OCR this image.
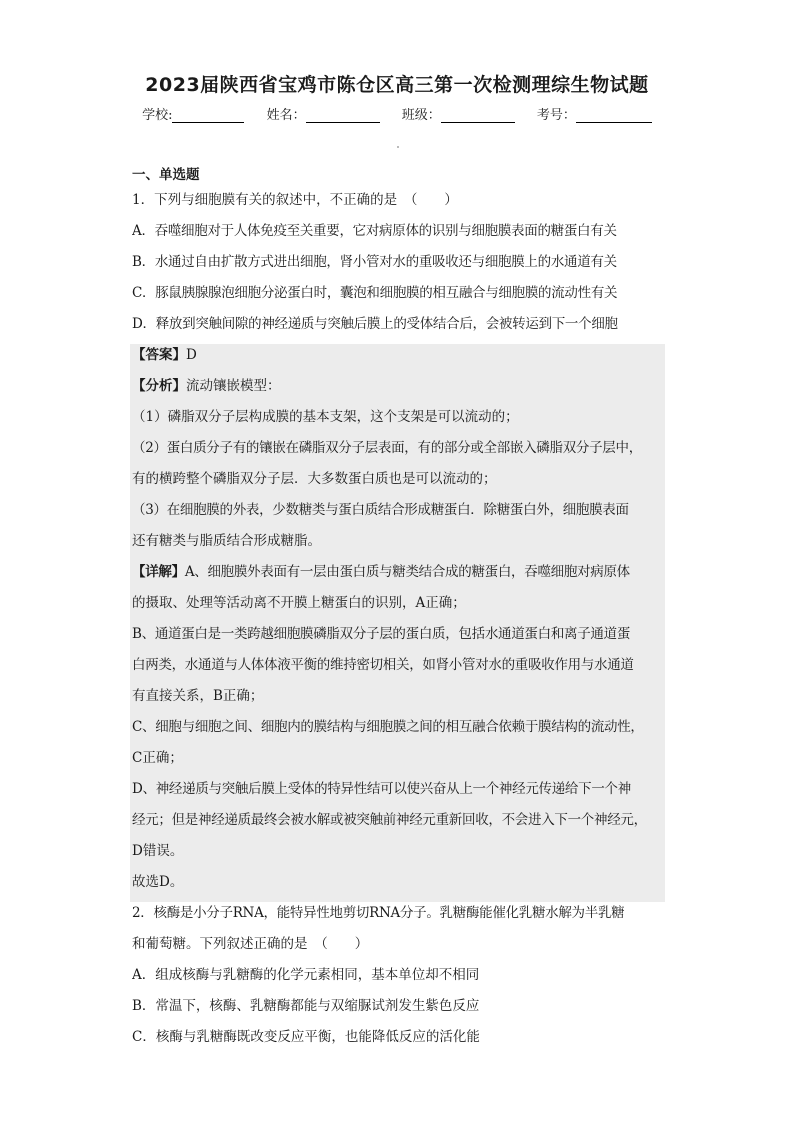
2023届陕西省宝鸡市陈仓区高三第一次检测理综生物试题
学校:	姓名：	班级：	考号：
一、单选题
1．下列与细胞膜有关的叙述中，不正确的是　（　　）
A．吞噬细胞对于人体免疫至关重要，它对病原体的识别与细胞膜表面的糖蛋白有关
B．水通过自由扩散方式进出细胞，肾小管对水的重吸收还与细胞膜上的水通道有关
C．豚鼠胰腺腺泡细胞分泌蛋白时，囊泡和细胞膜的相互融合与细胞膜的流动性有关
D．释放到突触间隙的神经递质与突触后膜上的受体结合后，会被转运到下一个细胞
【答案】D
【分析】流动镶嵌模型：
（1）磷脂双分子层构成膜的基本支架，这个支架是可以流动的；
（2）蛋白质分子有的镶嵌在磷脂双分子层表面，有的部分或全部嵌入磷脂双分子层中，
有的横跨整个磷脂双分子层．大多数蛋白质也是可以流动的；
（3）在细胞膜的外表，少数糖类与蛋白质结合形成糖蛋白．除糖蛋白外，细胞膜表面
还有糖类与脂质结合形成糖脂。
【详解】A、细胞膜外表面有一层由蛋白质与糖类结合成的糖蛋白，吞噬细胞对病原体
的摄取、处理等活动离不开膜上糖蛋白的识别，A正确；
B、通道蛋白是一类跨越细胞膜磷脂双分子层的蛋白质，包括水通道蛋白和离子通道蛋
白两类，水通道与人体体液平衡的维持密切相关，如肾小管对水的重吸收作用与水通道
有直接关系，B正确；
C、细胞与细胞之间、细胞内的膜结构与细胞膜之间的相互融合依赖于膜结构的流动性，
C正确；
D、神经递质与突触后膜上受体的特异性结可以使兴奋从上一个神经元传递给下一个神
经元；但是神经递质最终会被水解或被突触前神经元重新回收，不会进入下一个神经元，
D错误。
故选D。
2．核酶是小分子RNA，能特异性地剪切RNA分子。乳糖酶能催化乳糖水解为半乳糖
和葡萄糖。下列叙述正确的是　（　　）
A．组成核酶与乳糖酶的化学元素相同，基本单位却不相同
B．常温下，核酶、乳糖酶都能与双缩脲试剂发生紫色反应
C．核酶与乳糖酶既改变反应平衡，也能降低反应的活化能
